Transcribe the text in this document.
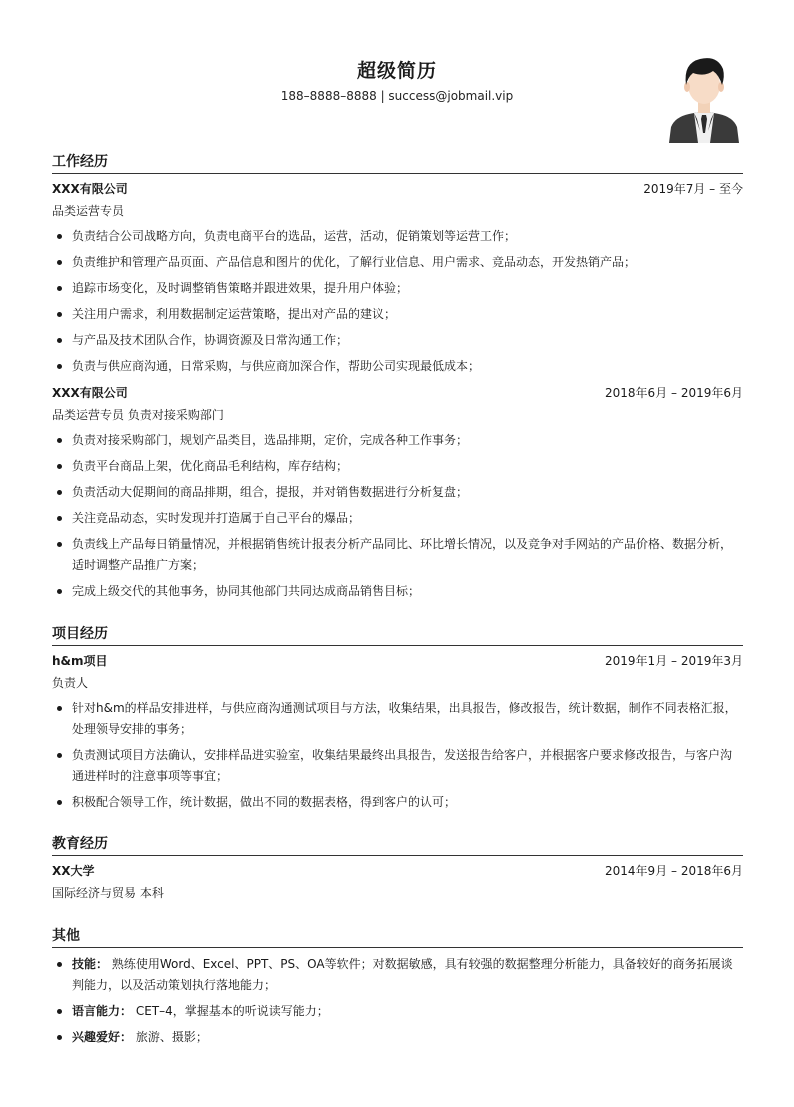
超级简历
188–8888–8888 | success@jobmail.vip
工作经历
XXX有限公司	2019年7月 – 至今
品类运营专员
负责结合公司战略方向，负责电商平台的选品，运营，活动，促销策划等运营工作；
负责维护和管理产品页面、产品信息和图片的优化，了解行业信息、用户需求、竞品动态，开发热销产品；
追踪市场变化，及时调整销售策略并跟进效果，提升用户体验；
关注用户需求，利用数据制定运营策略，提出对产品的建议；
与产品及技术团队合作，协调资源及日常沟通工作；
负责与供应商沟通，日常采购，与供应商加深合作，帮助公司实现最低成本；
XXX有限公司	2018年6月 – 2019年6月
品类运营专员 负责对接采购部门
负责对接采购部门，规划产品类目，选品排期，定价，完成各种工作事务；
负责平台商品上架，优化商品毛利结构，库存结构；
负责活动大促期间的商品排期，组合，提报，并对销售数据进行分析复盘；
关注竞品动态，实时发现并打造属于自己平台的爆品；
负责线上产品每日销量情况，并根据销售统计报表分析产品同比、环比增长情况，以及竞争对手网站的产品价格、数据分析，适时调整产品推广方案；
完成上级交代的其他事务，协同其他部门共同达成商品销售目标；
项目经历
h&m项目	2019年1月 – 2019年3月
负责人
针对h&m的样品安排进样，与供应商沟通测试项目与方法，收集结果，出具报告，修改报告，统计数据，制作不同表格汇报，处理领导安排的事务；
负责测试项目方法确认，安排样品进实验室，收集结果最终出具报告，发送报告给客户，并根据客户要求修改报告，与客户沟通进样时的注意事项等事宜；
积极配合领导工作，统计数据，做出不同的数据表格，得到客户的认可；
教育经历
XX大学	2014年9月 – 2018年6月
国际经济与贸易 本科
其他
技能： 熟练使用Word、Excel、PPT、PS、OA等软件；对数据敏感，具有较强的数据整理分析能力，具备较好的商务拓展谈判能力，以及活动策划执行落地能力；
语言能力： CET–4，掌握基本的听说读写能力；
兴趣爱好： 旅游、摄影；
